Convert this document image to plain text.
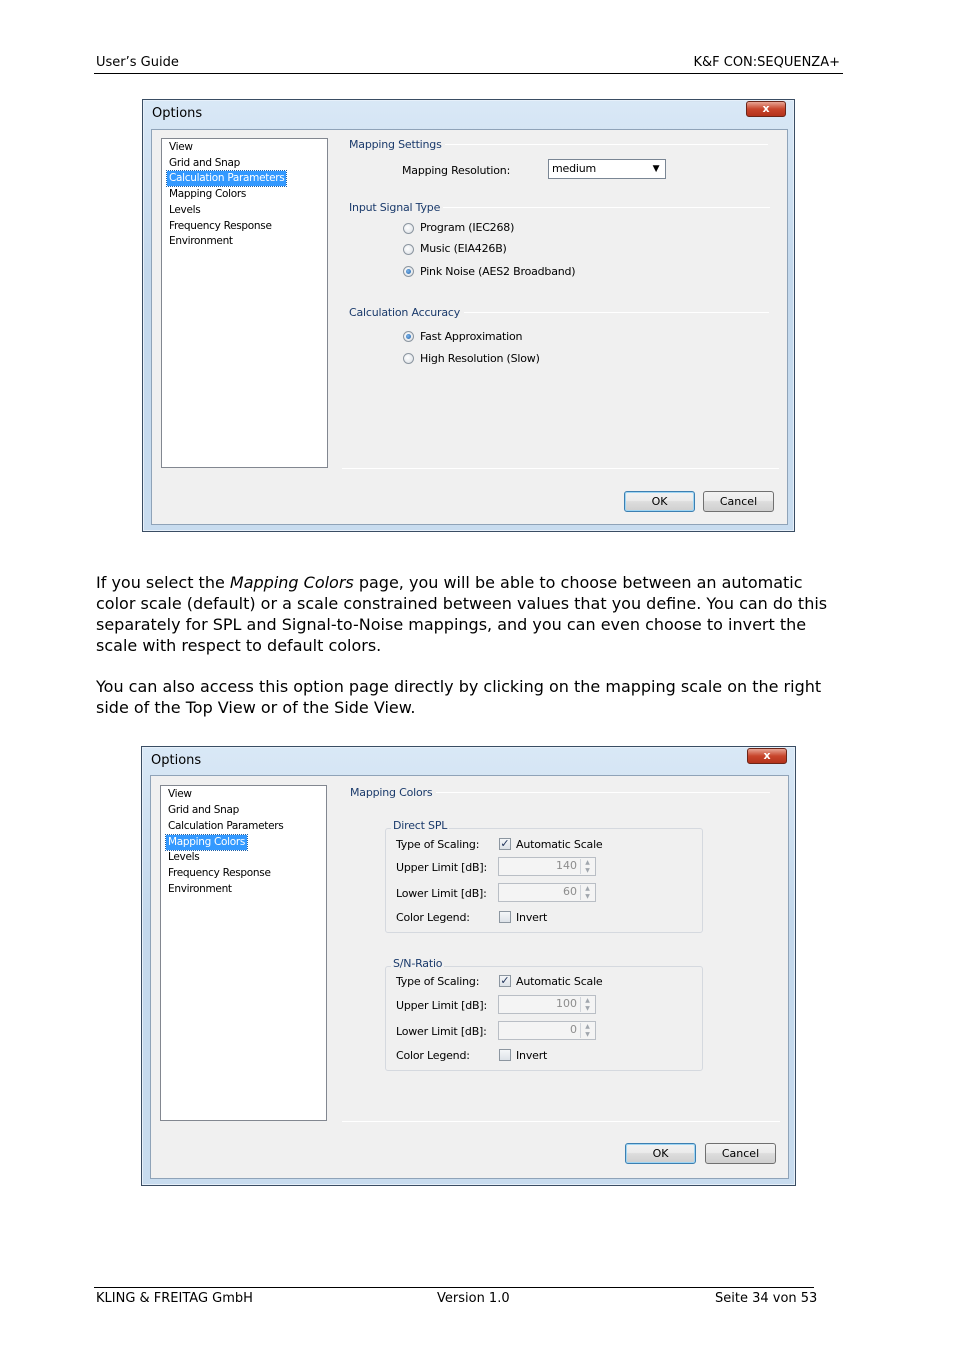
User’s Guide	K&F CON:SEQUENZA+
Options	x
View
Grid and Snap
Calculation Parameters
Mapping Colors
Levels
Frequency Response
Environment
Mapping Settings
Mapping Resolution:	medium	▼
Input Signal Type
Program (IEC268)
Music (EIA426B)
Pink Noise (AES2 Broadband)
Calculation Accuracy
Fast Approximation
High Resolution (Slow)
OK	Cancel

If you select the Mapping Colors page, you will be able to choose between an automatic color scale (default) or a scale constrained between values that you define. You can do this separately for SPL and Signal-to-Noise mappings, and you can even choose to invert the scale with respect to default colors.

You can also access this option page directly by clicking on the mapping scale on the right side of the Top View or of the Side View.

Options	x
View
Grid and Snap
Calculation Parameters
Mapping Colors
Levels
Frequency Response
Environment
Mapping Colors
Direct SPL
Type of Scaling: ✓ Automatic Scale
Upper Limit [dB]:	140	▲
▼
Lower Limit [dB]:	60	▲
▼
Color Legend:	Invert
S/N-Ratio
Type of Scaling: ✓ Automatic Scale
Upper Limit [dB]:	100	▲
▼
Lower Limit [dB]:	0	▲
▼
Color Legend:	Invert
OK	Cancel
KLING & FREITAG GmbH	Version 1.0	Seite 34 von 53
